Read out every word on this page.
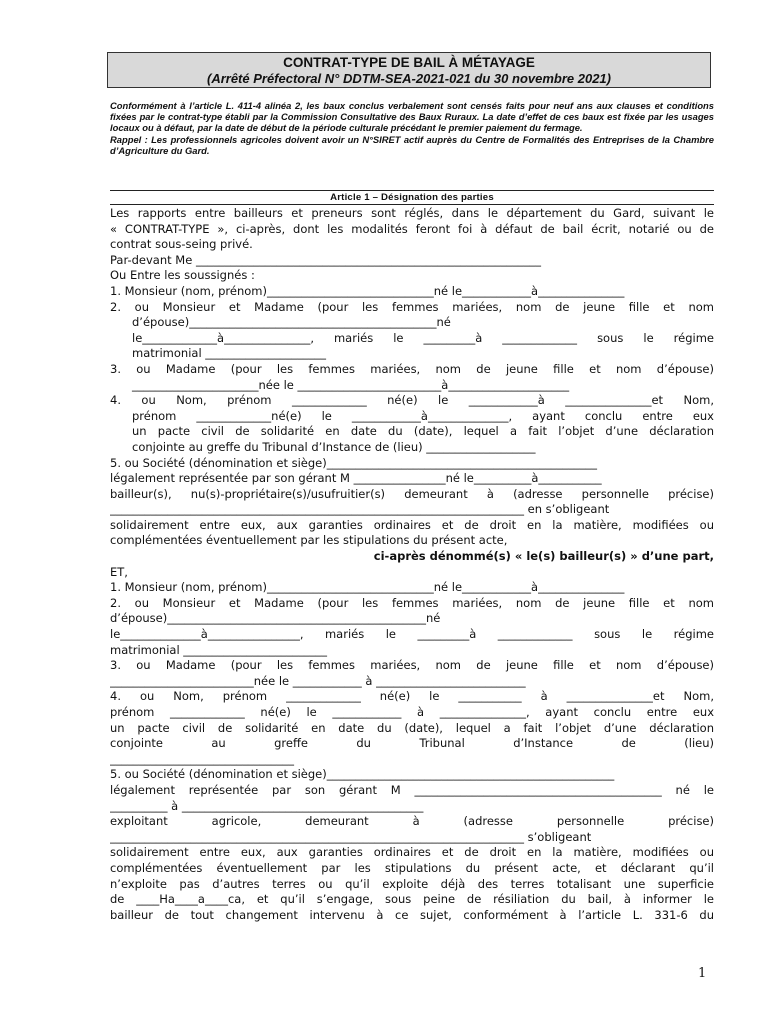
CONTRAT-TYPE DE BAIL À MÉTAYAGE
(Arrêté Préfectoral N° DDTM-SEA-2021-021 du 30 novembre 2021)

Conformément à l’article L. 411-4 alinéa 2, les baux conclus verbalement sont censés faits pour neuf ans aux clauses et conditions fixées par le contrat-type établi par la Commission Consultative des Baux Ruraux. La date d’effet de ces baux est fixée par les usages locaux ou à défaut, par la date de début de la période culturale précédant le premier paiement du fermage.

Rappel : Les professionnels agricoles doivent avoir un N°SIRET actif auprès du Centre de Formalités des Entreprises de la Chambre d’Agriculture du Gard.

Article 1 – Désignation des parties
Les rapports entre bailleurs et preneurs sont réglés, dans le département du Gard, suivant le
« CONTRAT-TYPE », ci-après, dont les modalités feront foi à défaut de bail écrit, notarié ou de
contrat sous-seing privé.
Par-devant Me ____________________________________________________________
Ou Entre les soussignés :
1. Monsieur (nom, prénom)_____________________________né le____________à_______________
2. ou Monsieur et Madame (pour les femmes mariées, nom de jeune fille et nom
d’épouse)___________________________________________né
le_____________à_______________, mariés le _________à _____________ sous le régime
matrimonial _____________________
3. ou Madame (pour les femmes mariées, nom de jeune fille et nom d’épouse)
______________________née le _________________________à_____________________
4. ou Nom, prénom _____________ né(e) le ____________à _______________et Nom,
prénom _____________né(e) le ____________à______________, ayant conclu entre eux
un pacte civil de solidarité en date du (date), lequel a fait l’objet d’une déclaration
conjointe au greffe du Tribunal d’Instance de (lieu) ___________________
5. ou Société (dénomination et siège)_______________________________________________
légalement représentée par son gérant M ________________né le__________à___________
bailleur(s), nu(s)-propriétaire(s)/usufruitier(s) demeurant à (adresse personnelle précise)
________________________________________________________________________ en s’obligeant
solidairement entre eux, aux garanties ordinaires et de droit en la matière, modifiées ou
complémentées éventuellement par les stipulations du présent acte,
ci-après dénommé(s) « le(s) bailleur(s) » d’une part,
ET,
1. Monsieur (nom, prénom)_____________________________né le____________à_______________
2. ou Monsieur et Madame (pour les femmes mariées, nom de jeune fille et nom
d’épouse)_____________________________________________né
le______________à________________, mariés le _________à _____________ sous le régime
matrimonial _________________________
3. ou Madame (pour les femmes mariées, nom de jeune fille et nom d’épouse)
_________________________née le ____________ à __________________________
4. ou Nom, prénom _____________ né(e) le ___________ à _______________et Nom,
prénom _____________ né(e) le ____________ à _______________, ayant conclu entre eux
un pacte civil de solidarité en date du (date), lequel a fait l’objet d’une déclaration
conjointe au greffe du Tribunal d’Instance de (lieu)
________________________________
5. ou Société (dénomination et siège)__________________________________________________
légalement représentée par son gérant M ___________________________________________ né le
__________ à __________________________________________
exploitant agricole, demeurant à (adresse personnelle précise)
________________________________________________________________________ s’obligeant
solidairement entre eux, aux garanties ordinaires et de droit en la matière, modifiées ou
complémentées éventuellement par les stipulations du présent acte, et déclarant qu’il
n’exploite pas d’autres terres ou qu’il exploite déjà des terres totalisant une superficie
de ____Ha____a____ca, et qu’il s’engage, sous peine de résiliation du bail, à informer le
bailleur de tout changement intervenu à ce sujet, conformément à l’article L. 331-6 du
1
